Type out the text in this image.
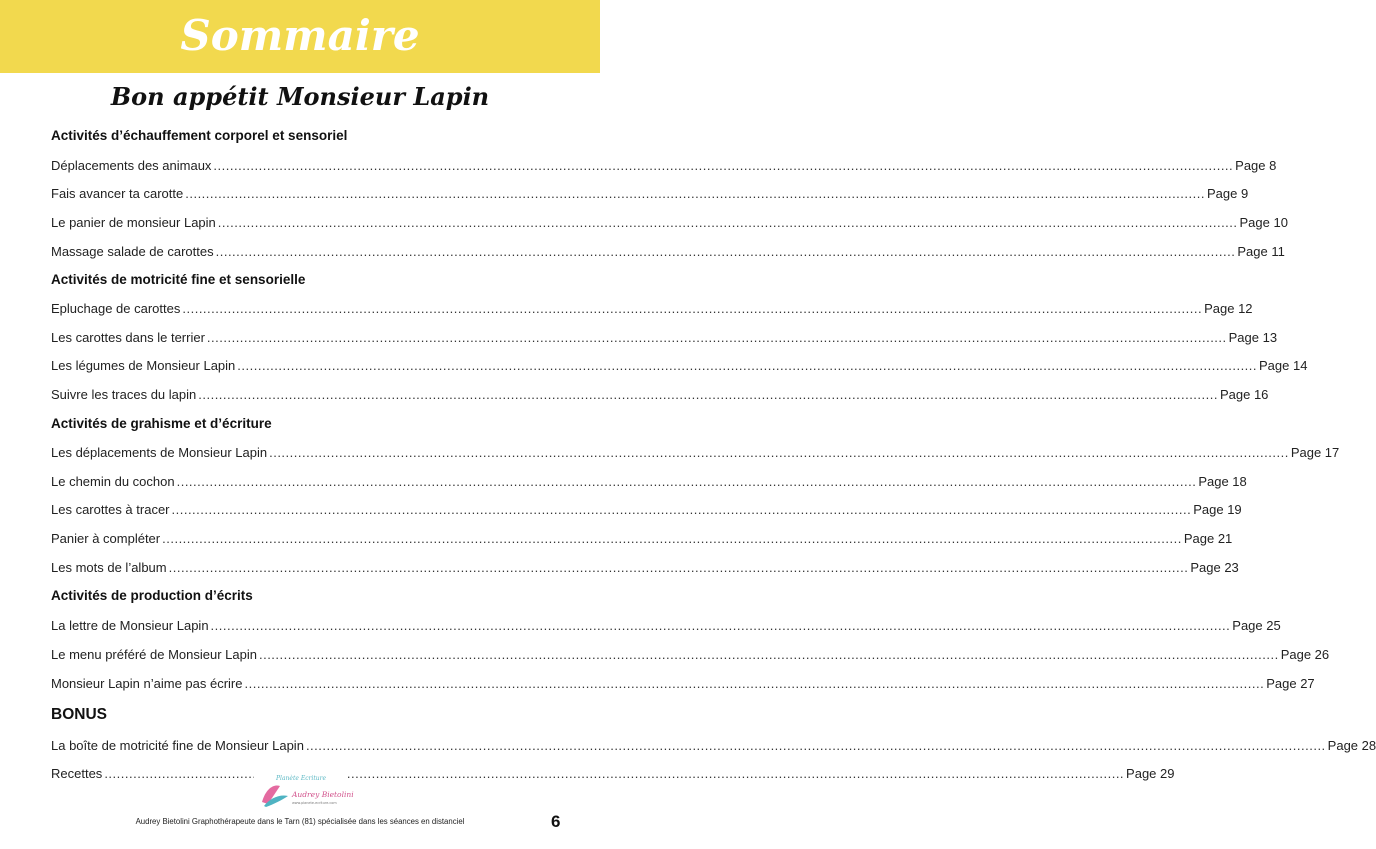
Sommaire
Bon appétit Monsieur Lapin
Activités d’échauffement corporel et sensoriel
Déplacements des animaux .....	Page 8
Fais avancer ta carotte .....	Page 9
Le panier de monsieur Lapin .....	Page 10
Massage salade de carottes .....	Page 11
Activités de motricité fine et sensorielle
Epluchage de carottes .....	Page 12
Les carottes dans le terrier .....	Page 13
Les légumes de Monsieur Lapin .....	Page 14
Suivre les traces du lapin .....	Page 16
Activités de grahisme et d’écriture
Les déplacements de Monsieur Lapin .....	Page 17
Le chemin du cochon .....	Page 18
Les carottes à tracer .....	Page 19
Panier à compléter .....	Page 21
Les mots de l’album .....	Page 23
Activités de production d’écrits
La lettre de Monsieur Lapin .....	Page 25
Le menu préféré de Monsieur Lapin .....	Page 26
Monsieur Lapin n’aime pas écrire .....	Page 27
BONUS
La boîte de motricité fine de Monsieur Lapin .....	Page 28
Recettes .....	Page 29
Planète Ecriture
Audrey Bietolini
www.planete-ecriture.com
Audrey Bietolini Graphothérapeute dans le Tarn (81) spécialisée dans les séances en distanciel	6
